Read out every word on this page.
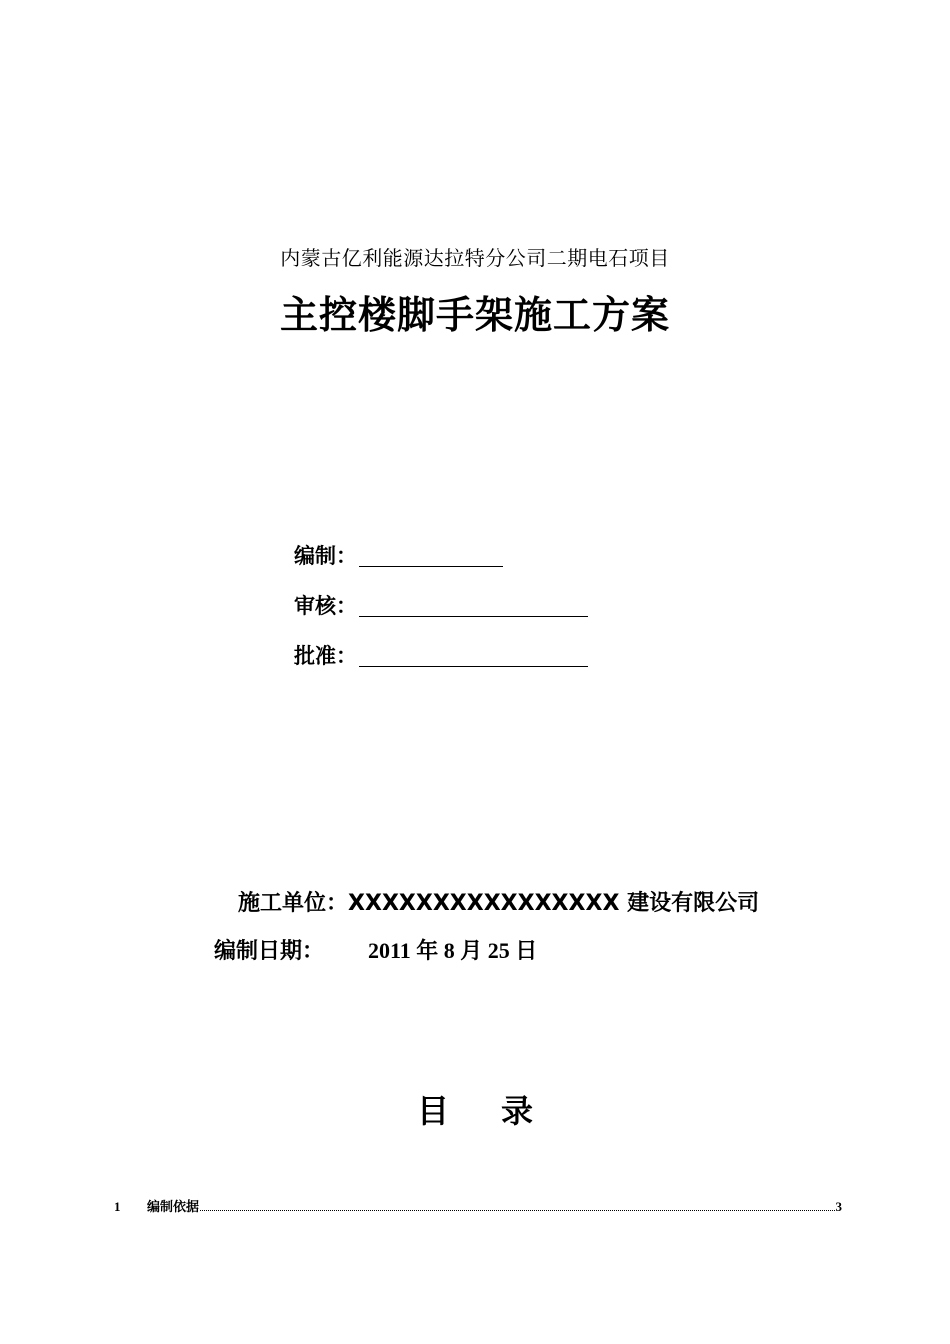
内蒙古亿利能源达拉特分公司二期电石项目
主控楼脚手架施工方案
编制：
审核：
批准：
施工单位：XXXXXXXXXXXXXXXX 建设有限公司
编制日期：	2011 年 8 月 25 日
目 录
1	编制依据	3
